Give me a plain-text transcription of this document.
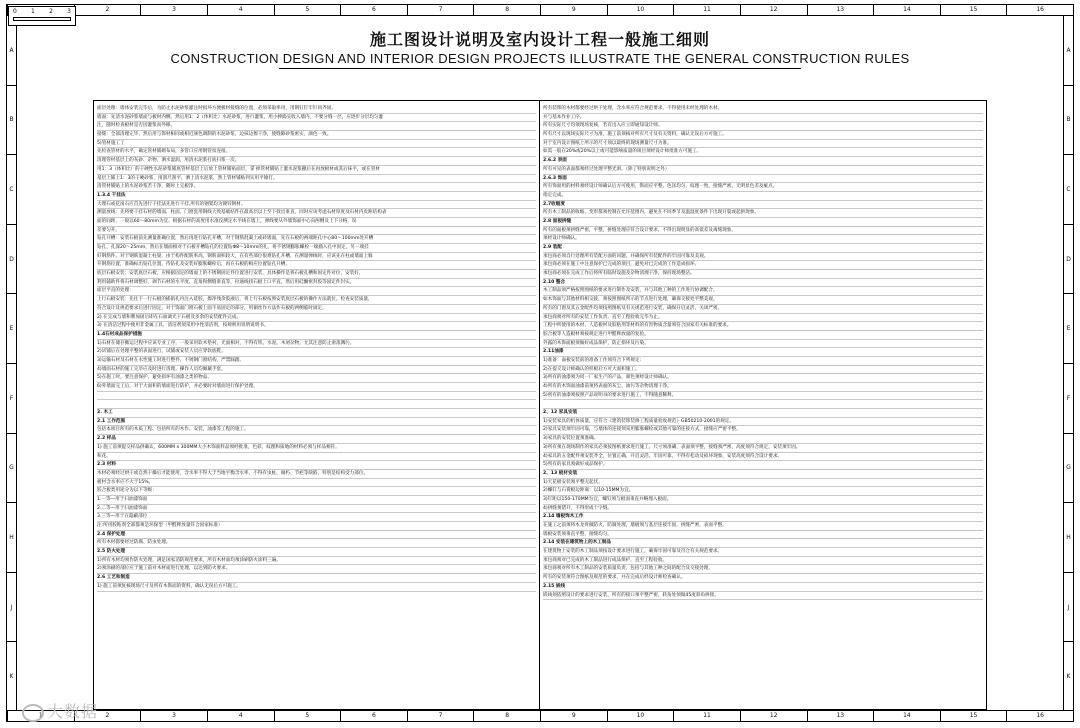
2	3	4	5	6	7	8	9	10	11	12	13	14	15	16
1	2	3	4	5	6	7	8	9	10	11	12	13	14	15	16
A
B
C
D
E
F
G
H
J
K
A
B
C
D
E
F
G
H
J
K
0 1 2 3
施工图设计说明及室内设计工程一般施工细则
CONSTRUCTION DESIGN AND INTERIOR DESIGN PROJECTS ILLUSTRATE THE GENERAL CONSTRUCTION RULES
面层处理：墙体安装完毕后，为防止水泥砂浆灌注时损坏方便板材接缝的位置，必须采取率用，用钢钉钉牢钉同齐固。
墙面：先清水泥砂浆墙面与板材内侧，然后用1：2（体积比）水泥砂浆，进行灌浆，用小棒捣实收入墙内，不要分缝一层，应逐步分层均匀灌
注，随时检查板材是否因灌浆而外移。
接缝：全部清理完毕，然后用与饰材相同或相近颜色调制的水泥砂浆，边抹边擦干净，使缝隙砂浆密实，颜色一致。
5)管材施工工
先检查管材的水平，确定管材铺砌布局，多管口应用钢管扣连接。
清理管材基层上的灰砂、杂物，洒水湿润，用清水泥浆打底扫浆一次。
用1：3（体积比）的干硬性水泥砂浆铺底管材基层上后放上管材铺贴面层，拿 掉管材铺贴上灌水泥浆撒后在再放板材或其后抹平，或在管材
基层上铺上1：3的干硬砂浆，用刮尺刮平，洒上清水泥浆，然上管材铺贴到实用平锤打。
清管材铺贴上的水泥砂浆若干净，随时上完板净。
1.3.4 干挂法
大理石或花岗石应首先进行干挂法先进行干挂,所有的钢架均为镀锌钢材。
测量放线：先将要干挂石材的墙面、柱面、门窗套用钢线大致基础结件在最高层以上至下找出垂直，同时应该考虑石材厚度及石材内皮距结构表
面的间距，一般以60～80mm为宜。根据石材的高度用水准仪测定水平线在墙上，弹线要从外墙饰面中心向两侧及上下分格，误
差要匀开。
钻孔开槽：安装石板前先测量准确位置，然后再进行钻孔开槽，对于钢筋混凝土或砖墙面，先在石板的两端距孔中心80～100mm处开槽
钻孔，孔深20～25mm，然后在墙面相对于石板开槽钻孔的位置钻Φ8～10mm的孔，将不锈钢膨胀螺栓一端插入孔中固定，另一端挂
好钢筋件。对于钢筋混凝土柱梁，由于构件配筋率高，钢筋面积较大，在有些部位很难钻孔开槽，在测量弹线时，应该先在柱或墙面上躲
开钢筋位置，准确标出钻孔位置，待钻孔及安装好膨胀螺栓后，再在石板的相应位置钻孔开槽。
底层石板安装：安装底层石板，应根据固定的墙面上的不锈钢固定件位置进行安装，具体操作是将石板孔槽和固定件对位，安装好，
利用辅助件将石材调整好，调节石材的水平度、直角和侧缝垂直等，拉通线找石板上口平直，然后用硅酮密封胶等固定件封实。
面层平直的处理：
上行石板安装：先往下一行石板的插销孔内注入硅胶，擦净残余胶液后，将上行石板按照安装底层石板的操作方法就位。检查安装质量，
符合设计及规范要求后进行固定。对于饰面门窗石板上面不易固定的部分，用铜丝作方法作石板的两侧临时固定。
2) 在完成与墙和牌加固后即在石面调光干石板及多余的安装配件完成。
3) 在清洁过程中使用非金属工具，清洁剂须采用中性清洁剂，按规则用说明说明书。
1.4石材成品保护措施
1)石材在储存搬运过程中应该专业工序，一般采用软木垫衬，光面相对，不得有铁、水泥、木屑杂物，尤其注意防止滑落溅污。
2)试铺后在处理平整的表面进行，试铺或安装人员应穿软底鞋。
3)运输石材及石材在水性施工时进行整件，不锈钢门窗结构，严禁踩踏。
4)墙面石材的施工完毕应及时进行清理，操作人员均佩戴手套。
5)在施工时，要注意保护，避免损坏有油漆之类的物品。
6)外墙面完工后，对于大面积的墙面进行防护，并必要时对墙面进行保护处理。
2. 木工
2.1 工作范围
包括本项目所有的木质工程、包括所有的木作、安装、油漆等工程的施工。
2.2 样品
1) 施工前须提交样品供确认，600MM x 300MM大小木饰面样品须经批准，色彩、纹理和质地的材料必须与样品相符。
和花。
2.3 材料
木材必须经过烘干或自然干燥后才能使用，含水率不得大于当地平衡含水率，不得有虫蛀、腐朽、节疤等缺陷，特别是结构受力部位。
板材含水率应不大于15%。
胶合板类用途分为以下等级：
1.一等—用于扫油漆饰面
2.二等—用于扫油漆饰面
3.三等—用于在隐蔽部位
注:所用胶粘剂全部都须是环保型（甲醛释放量符合国家标准）
2.4 保护处理
所有木材都要经过防腐、防虫处理。
2.5 防火处理
1)所有木材均须作防火处理，满足国家消防规范要求，所有木材面均须涂刷防火涂料三遍。
2)须涂刷的部位应于施工前对木材面进行处理，以达到防火要求。
2.6 工艺和制造
1) 施工前须复核现场尺寸及所有木饰面的资料，确认无误后方可施工。
所有装饰的木材都要经过烘干处理，含水率应符合规范要求，不得使用未经处理的木材。
并与基本作业工序。
所有实际尺寸均须现场复核，若有出入应立即通知设计师。
所有尺寸以现场实际尺寸为准，施工前须核对所有尺寸及有关资料，确认无误后方可施工。
对于室内设计图纸上所示的尺寸须以最终的现场测量尺寸为准。
如需一般在20%或20%以上或可能影响质量的项目须经设计师批准方可施工。
2.6.2 表面
所有可见的表面都须经过处理平整光滑。（除了特别说明之外）
2.6.3 饰面
所有饰面用的材料须经设计师确认后方可使用，饰面应平整，色泽均匀，纹理一致，接缝严密，无明显色差及疵点。
指定完成。
2.7收缩度
所有木工制品的收缩、变形都须控制在允许范围内，避免在不同季节及温湿度条件下出现开裂或起拱现象。
2.8 面板拼缝
所有的面板须拼缝严密，平整，拼缝处理应符合设计要求，不得出现明显的高低差及离缝现象。
须经设计师确认。
2.9 装配
承包商必须自行处理所有装配方面的问题，并确保所有装配件的牢固可靠及美观。
承包商必须在施工中注意保护已完成的项目，避免对已完成的工作造成损坏。
承包商必须在完成工作后将所有临时设施及杂物清理干净，保持现场整洁。
2.10 整合
木工制品须严格按照图纸的要求进行制作及安装，并与其他工种的工作进行协调配合。
如木饰面与其他材料相交接，须按照图纸所示的节点进行处理，确保交接处平整美观。
所有的门窗及其五金配件均须按照图纸及有关规范进行安装，确保开启灵活，关闭严密。
承包商须对所有的安装工作负责，直至工程验收完毕为止。
工程中所使用的木材、人造板材及胶粘剂等材料的有害物质含量须符合国家有关标准的要求。
胶合板等人造板材须按规定进行甲醛释放量的复验。
外露的木饰面板须做好成品保护，防止损坏及污染。
2.11油漆
1)准备：面板安装前的准备工作须符合下列规定：
2)在提交设计师确认的样板后方可大面积施工。
3)所有的油漆须为同一厂家生产的产品，颜色须经设计师确认。
4)所有的木饰面油漆前须将表面的灰尘、油污等杂物清理干净。
5)所有的油漆须按照产品说明书的要求进行施工，不得随意稀释。
2、12 家具安装
1)安装家具的机体质量，应符合《建筑装饰装修工程质量验收规范》GB50210-2001的规定。
2)家具安装须牢固可靠，与墙体的连接须采用膨胀螺栓或其他可靠的连接方式，接缝应严密平整。
3)家具的安装位置须准确。
3)所有须在现场制作的家具必须按图纸要求进行施工，尺寸须准确，表面须平整，接缝须严密，高度须符合规定，安装须牢固。
4)家具的五金配件须安装齐全，位置正确，开启灵活，牢固可靠，不得有松动及损坏现象，安装高度须符合设计要求。
5)所有的家具须做好成品保护。
2、13 板材安装
1)天花板安装须平整无起伏。
2)螺钉与石膏板边距离：以10-15MM为宜。
3)钉距以150-170MM为宜，螺钉须与板面垂直并略埋入板面。
4)拼缝须错开，不得形成十字缝。
2.14 墙板饰木工作
在施工之前须将木龙骨做防火、防腐处理，墙板须与基层连接牢固，拼缝严密，表面平整。
墙板安装须垂直平整，接缝均匀。
2.14 安装在建筑物上的木工制品
在建筑物上安装的木工制品须按设计要求进行施工，确保牢固可靠及符合有关规范要求。
承包商须对已完成的木工制品进行成品保护，直至工程验收。
承包商须对所有木工制品的安装质量负责，包括与其他工种之间的配合及交接处理。
所有的安装须符合图纸及规范的要求，并在完成后经设计师检查确认。
2.15 嵌线
嵌线须依照设计的要求进行安装，所有的接口须平整严密，转角处须做45度斜角拼接。
大数据
